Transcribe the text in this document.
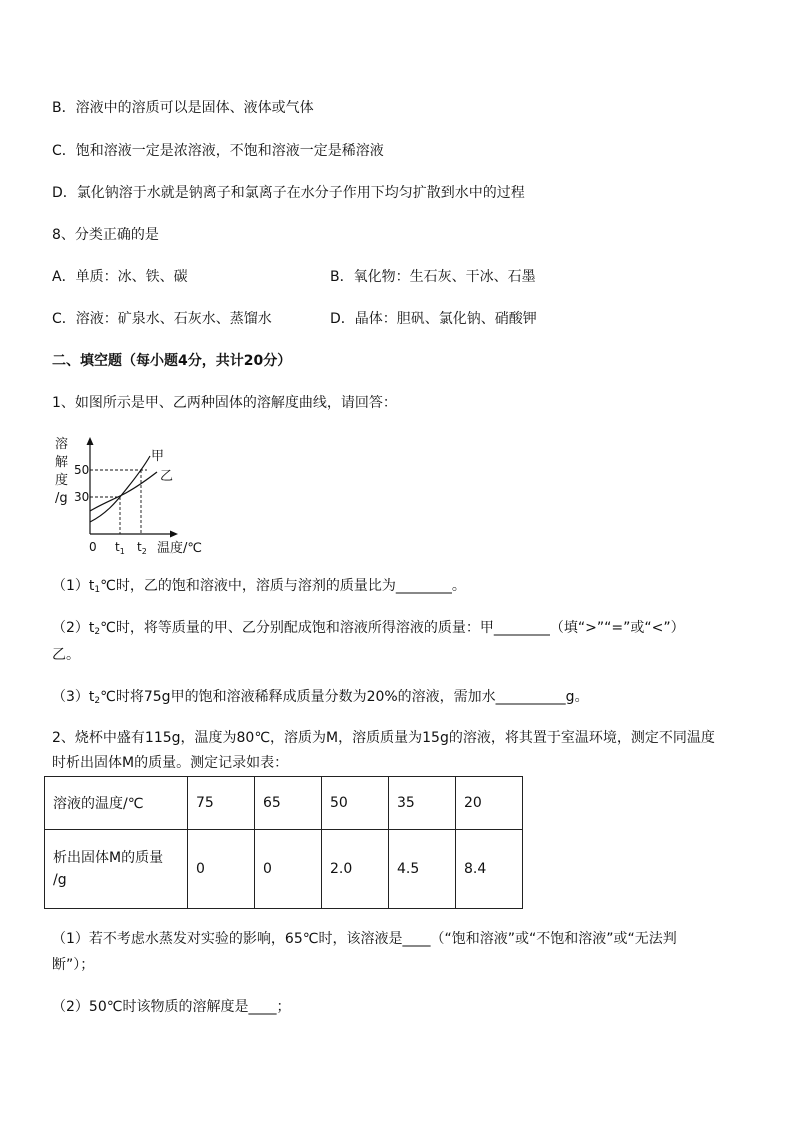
B．溶液中的溶质可以是固体、液体或气体
C．饱和溶液一定是浓溶液，不饱和溶液一定是稀溶液
D．氯化钠溶于水就是钠离子和氯离子在水分子作用下均匀扩散到水中的过程
8、分类正确的是
A．单质：冰、铁、碳	B．氧化物：生石灰、干冰、石墨
C．溶液：矿泉水、石灰水、蒸馏水	D．晶体：胆矾、氯化钠、硝酸钾
二、填空题（每小题4分，共计20分）
1、如图所示是甲、乙两种固体的溶解度曲线，请回答：
溶
解
度
/g
50
30
0 $t_1$ $t_2$ 温度/℃
甲
乙
$(1)t_1℃$时，乙的饱和溶液中，溶质与溶剂的质量比为________。
$(2)t_2℃$时，将等质量的甲、乙分别配成饱和溶液所得溶液的质量：甲________（填“>”“=”或“<”）
乙。
$(3)t_2℃$时将75g甲的饱和溶液稀释成质量分数为20%的溶液，需加水__________g。
2、烧杯中盛有115g，温度为80℃，溶质为M，溶质质量为15g的溶液，将其置于室温环境，测定不同温度
时析出固体M的质量。测定记录如表：
溶液的温度/℃	75	65	50	35	20

析出固体M的质量
/g	0	0	2.0	4.5	8.4
（1）若不考虑水蒸发对实验的影响，65℃时，该溶液是____（“饱和溶液”或“不饱和溶液”或“无法判
断”）；
（2）50℃时该物质的溶解度是____；
